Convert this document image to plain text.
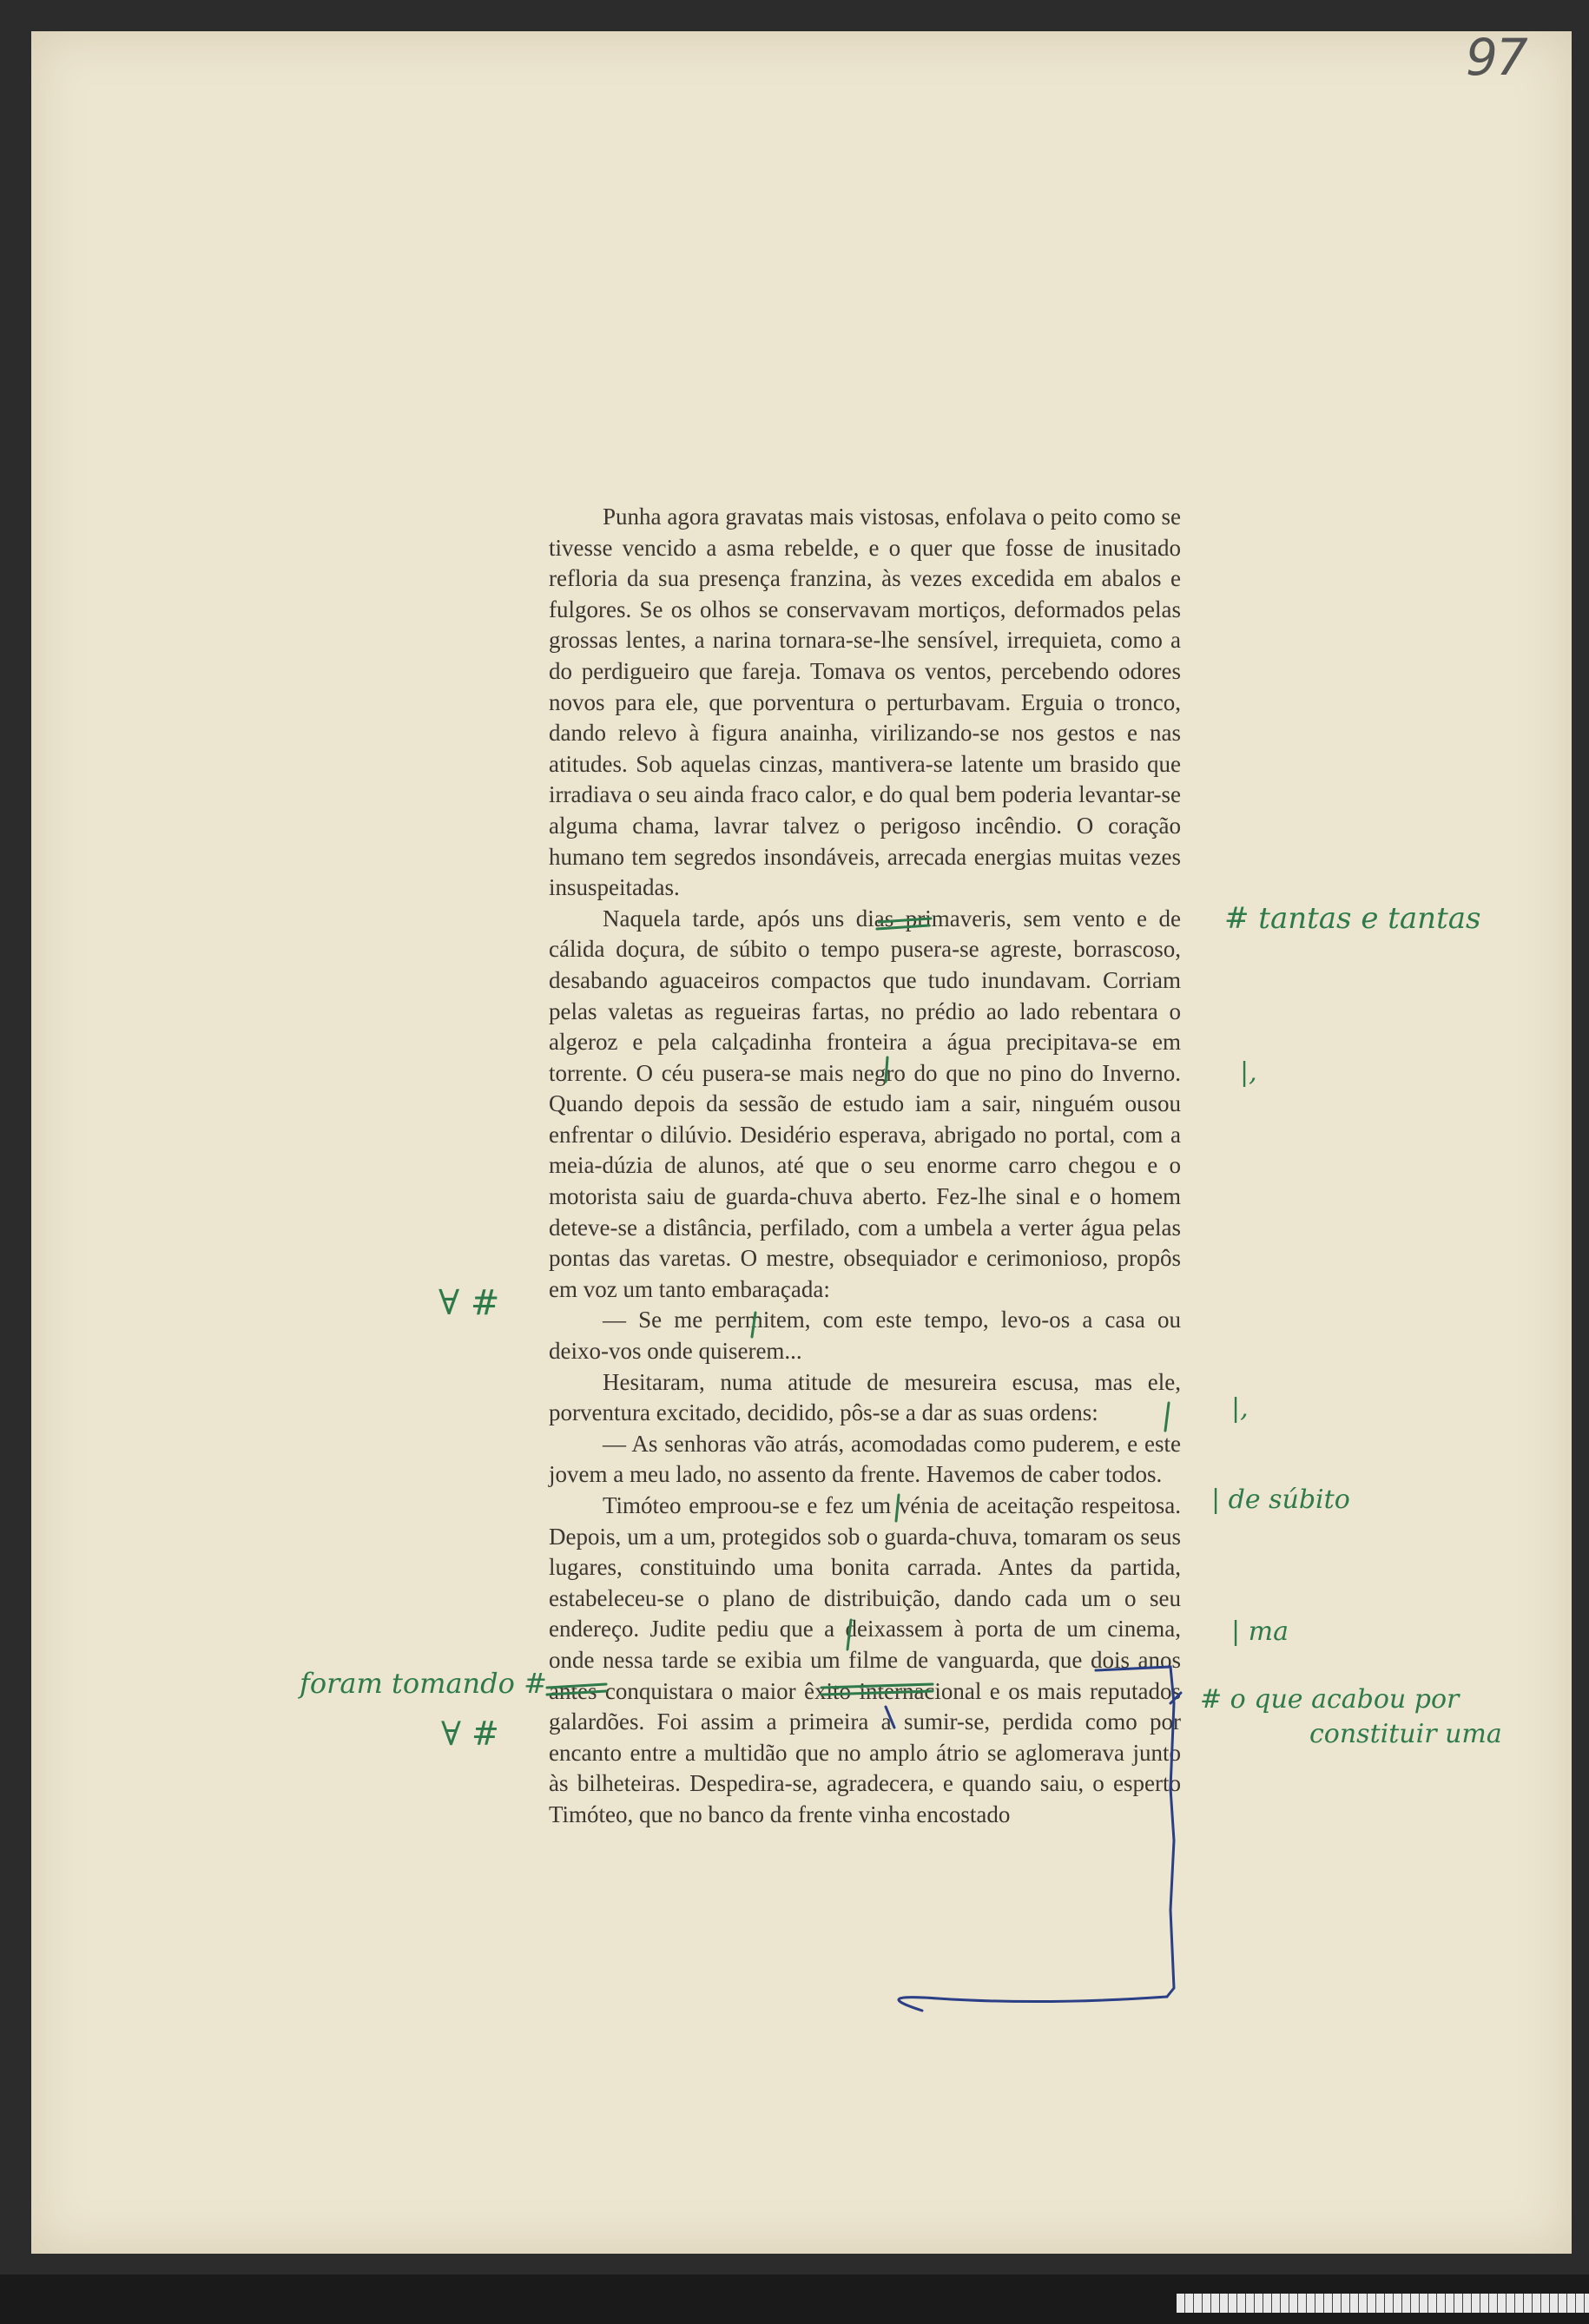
97

Punha agora gravatas mais vistosas, enfolava o peito como se tivesse vencido a asma rebelde, e o quer que fosse de inusitado refloria da sua presença franzina, às vezes excedida em abalos e fulgores. Se os olhos se conservavam mortiços, deformados pelas grossas lentes, a narina tornara-se-lhe sensível, irrequieta, como a do perdigueiro que fareja. Tomava os ventos, percebendo odores novos para ele, que porventura o perturbavam. Erguia o tronco, dando relevo à figura anainha, virilizando-se nos gestos e nas atitudes. Sob aquelas cinzas, mantivera-se latente um brasido que irradiava o seu ainda fraco calor, e do qual bem poderia levantar-se alguma chama, lavrar talvez o perigoso incêndio. O coração humano tem segredos insondáveis, arrecada energias muitas vezes insuspeitadas.

Naquela tarde, após uns dias primaveris, sem vento e de cálida doçura, de súbito o tempo pusera-se agreste, borrascoso, desabando aguaceiros compactos que tudo inundavam. Corriam pelas valetas as regueiras fartas, no prédio ao lado rebentara o algeroz e pela calçadinha fronteira a água precipitava-se em torrente. O céu pusera-se mais negro do que no pino do Inverno. Quando depois da sessão de estudo iam a sair, ninguém ousou enfrentar o dilúvio. Desidério esperava, abrigado no portal, com a meia-dúzia de alunos, até que o seu enorme carro chegou e o motorista saiu de guarda-chuva aberto. Fez-lhe sinal e o homem deteve-se a distância, perfilado, com a umbela a verter água pelas pontas das varetas. O mestre, obsequiador e cerimonioso, propôs em voz um tanto embaraçada:

— Se me permitem, com este tempo, levo-os a casa ou deixo-vos onde quiserem...

Hesitaram, numa atitude de mesureira escusa, mas ele, porventura excitado, decidido, pôs-se a dar as suas ordens:

— As senhoras vão atrás, acomodadas como puderem, e este jovem a meu lado, no assento da frente. Havemos de caber todos.

Timóteo emproou-se e fez um vénia de aceitação respeitosa. Depois, um a um, protegidos sob o guarda-chuva, tomaram os seus lugares, constituindo uma bonita carrada. Antes da partida, estabeleceu-se o plano de distribuição, dando cada um o seu endereço. Judite pediu que a deixassem à porta de um cinema, onde nessa tarde se exibia um filme de vanguarda, que dois anos antes conquistara o maior êxito internacional e os mais reputados galardões. Foi assim a primeira a sumir-se, perdida como por encanto entre a multidão que no amplo átrio se aglomerava junto às bilheteiras. Despedira-se, agradecera, e quando saiu, o esperto Timóteo, que no banco da frente vinha encostado

# tantas e tantas
|,
|,
| de súbito
| ma
# o que acabou por
constituir uma
∀ #
foram tomando #
∀ #
